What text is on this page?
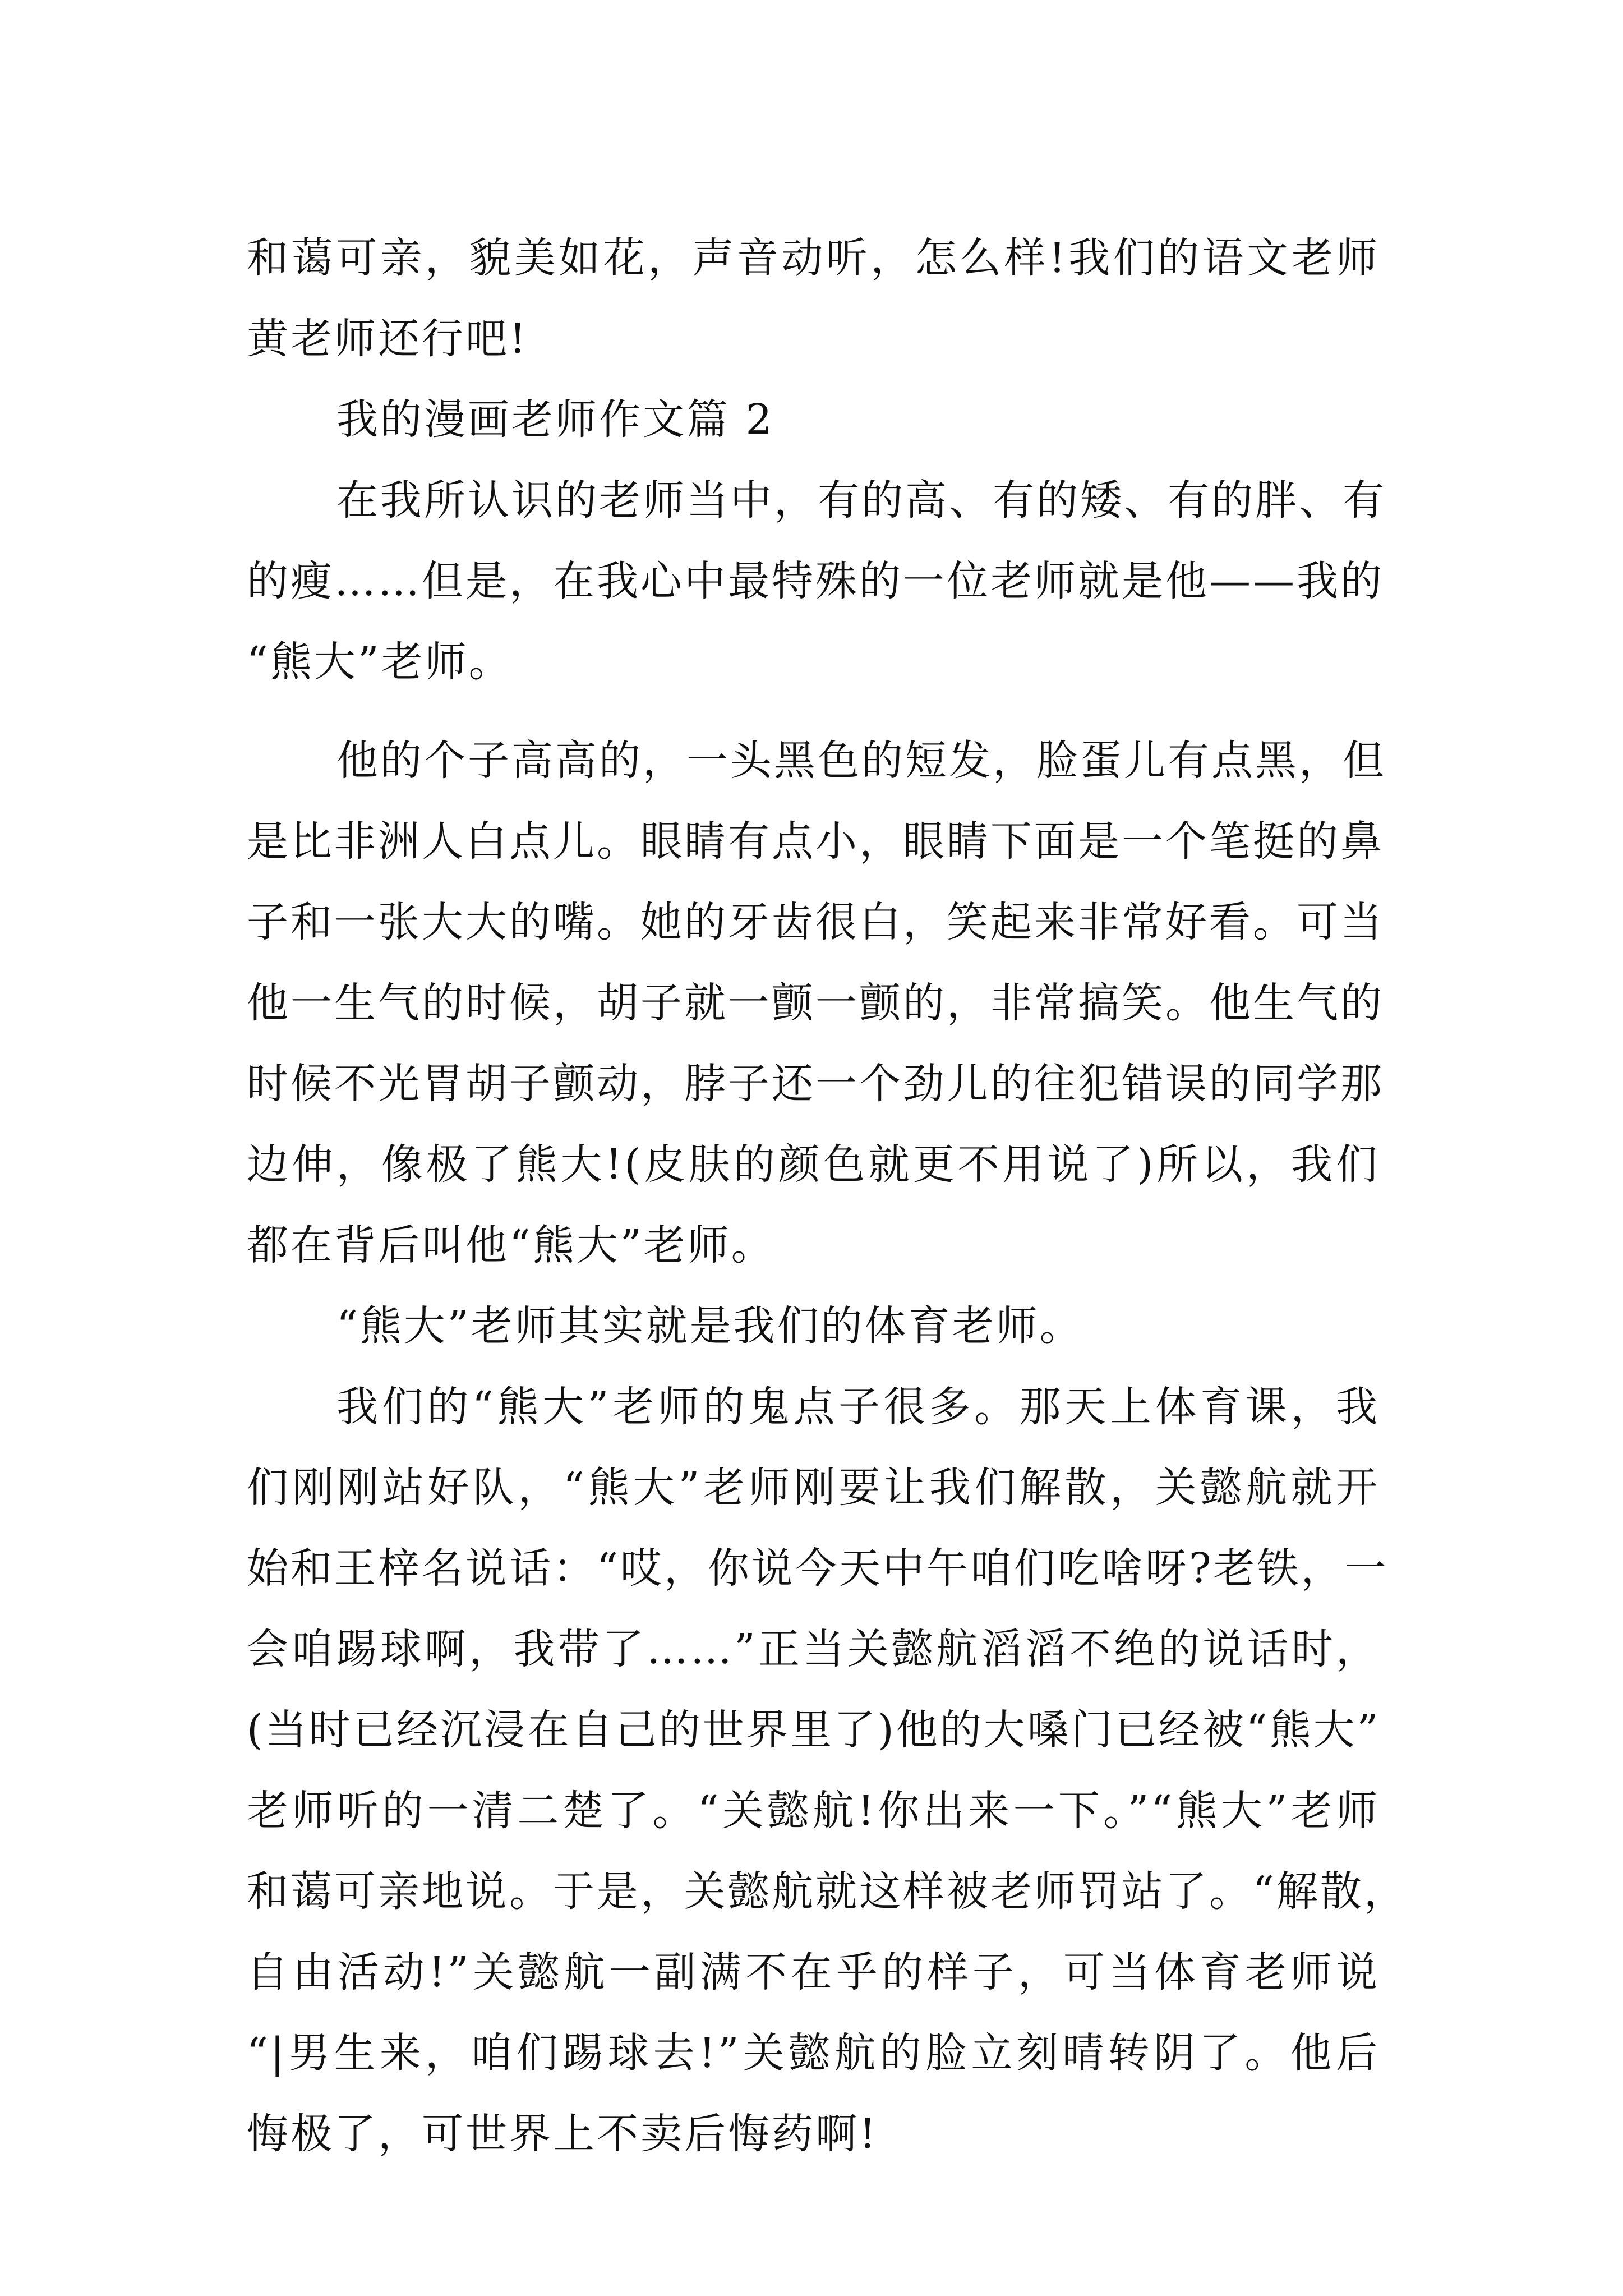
和蔼可亲，貌美如花，声音动听，怎么样!我们的语文老师
黄老师还行吧!
我的漫画老师作文篇 2
在我所认识的老师当中，有的高、有的矮、有的胖、有
的瘦……但是，在我心中最特殊的一位老师就是他——我的
“熊大”老师。
他的个子高高的，一头黑色的短发，脸蛋儿有点黑，但
是比非洲人白点儿。眼睛有点小，眼睛下面是一个笔挺的鼻
子和一张大大的嘴。她的牙齿很白，笑起来非常好看。可当
他一生气的时候，胡子就一颤一颤的，非常搞笑。他生气的
时候不光胃胡子颤动，脖子还一个劲儿的往犯错误的同学那
边伸，像极了熊大!(皮肤的颜色就更不用说了)所以，我们
都在背后叫他“熊大”老师。
“熊大”老师其实就是我们的体育老师。
我们的“熊大”老师的鬼点子很多。那天上体育课，我
们刚刚站好队，“熊大”老师刚要让我们解散，关懿航就开
始和王梓名说话：“哎，你说今天中午咱们吃啥呀?老铁，一
会咱踢球啊，我带了……”正当关懿航滔滔不绝的说话时，
(当时已经沉浸在自己的世界里了)他的大嗓门已经被“熊大”
老师听的一清二楚了。“关懿航!你出来一下。”“熊大”老师
和蔼可亲地说。于是，关懿航就这样被老师罚站了。“解散，
自由活动!”关懿航一副满不在乎的样子，可当体育老师说
“|男生来，咱们踢球去!”关懿航的脸立刻晴转阴了。他后
悔极了，可世界上不卖后悔药啊!
